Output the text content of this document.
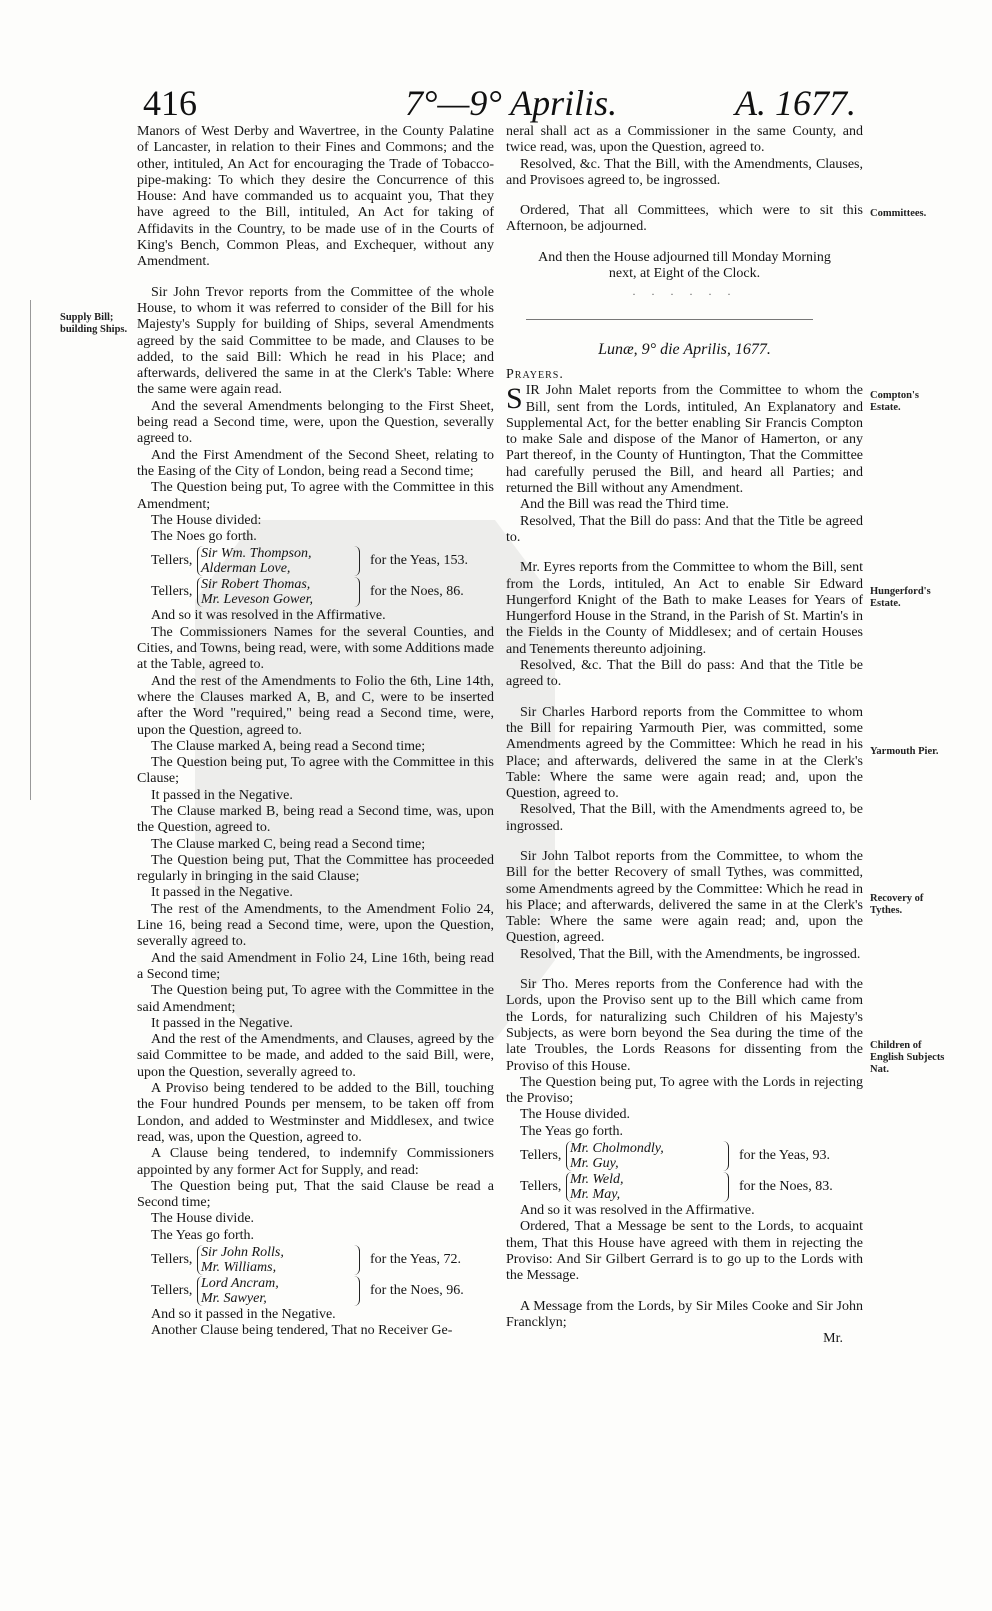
416	7°—9° Aprilis.	A. 1677.
Supply Bill; building Ships.
Committees.
Compton's Estate.
Hungerford's Estate.
Yarmouth Pier.
Recovery of Tythes.
Children of English Subjects Nat.

Manors of West Derby and Wavertree, in the County Palatine of Lancaster, in relation to their Fines and Commons; and the other, intituled, An Act for encouraging the Trade of Tobacco-pipe-making: To which they desire the Concurrence of this House: And have commanded us to acquaint you, That they have agreed to the Bill, intituled, An Act for taking of Affidavits in the Country, to be made use of in the Courts of King's Bench, Common Pleas, and Exchequer, without any Amendment.

Sir John Trevor reports from the Committee of the whole House, to whom it was referred to consider of the Bill for his Majesty's Supply for building of Ships, several Amendments agreed by the said Committee to be made, and Clauses to be added, to the said Bill: Which he read in his Place; and afterwards, delivered the same in at the Clerk's Table: Where the same were again read.

And the several Amendments belonging to the First Sheet, being read a Second time, were, upon the Question, severally agreed to.

And the First Amendment of the Second Sheet, relating to the Easing of the City of London, being read a Second time;

The Question being put, To agree with the Committee in this Amendment;

The House divided:

The Noes go forth.

Tellers, Sir Wm. Thompson,
Alderman Love,
for the Yeas, 153.
Tellers, Sir Robert Thomas,
Mr. Leveson Gower,
for the Noes, 86.

And so it was resolved in the Affirmative.

The Commissioners Names for the several Counties, and Cities, and Towns, being read, were, with some Additions made at the Table, agreed to.

And the rest of the Amendments to Folio the 6th, Line 14th, where the Clauses marked A, B, and C, were to be inserted after the Word "required," being read a Second time, were, upon the Question, agreed to.

The Clause marked A, being read a Second time;

The Question being put, To agree with the Committee in this Clause;

It passed in the Negative.

The Clause marked B, being read a Second time, was, upon the Question, agreed to.

The Clause marked C, being read a Second time;

The Question being put, That the Committee has proceeded regularly in bringing in the said Clause;

It passed in the Negative.

The rest of the Amendments, to the Amendment Folio 24, Line 16, being read a Second time, were, upon the Question, severally agreed to.

And the said Amendment in Folio 24, Line 16th, being read a Second time;

The Question being put, To agree with the Committee in the said Amendment;

It passed in the Negative.

And the rest of the Amendments, and Clauses, agreed by the said Committee to be made, and added to the said Bill, were, upon the Question, severally agreed to.

A Proviso being tendered to be added to the Bill, touching the Four hundred Pounds per mensem, to be taken off from London, and added to Westminster and Middlesex, and twice read, was, upon the Question, agreed to.

A Clause being tendered, to indemnify Commissioners appointed by any former Act for Supply, and read:

The Question being put, That the said Clause be read a Second time;

The House divide.

The Yeas go forth.

Tellers, Sir John Rolls,
Mr. Williams,
for the Yeas, 72.
Tellers, Lord Ancram,
Mr. Sawyer,
for the Noes, 96.

And so it passed in the Negative.

Another Clause being tendered, That no Receiver Ge-

neral shall act as a Commissioner in the same County, and twice read, was, upon the Question, agreed to.

Resolved, &c. That the Bill, with the Amendments, Clauses, and Provisoes agreed to, be ingrossed.

Ordered, That all Committees, which were to sit this Afternoon, be adjourned.

And then the House adjourned till Monday Morning next, at Eight of the Clock.

· · · · · ·

Lunæ, 9° die Aprilis, 1677.

Prayers.

SIR John Malet reports from the Committee to whom the Bill, sent from the Lords, intituled, An Explanatory and Supplemental Act, for the better enabling Sir Francis Compton to make Sale and dispose of the Manor of Hamerton, or any Part thereof, in the County of Huntington, That the Committee had carefully perused the Bill, and heard all Parties; and returned the Bill without any Amendment.

And the Bill was read the Third time.

Resolved, That the Bill do pass: And that the Title be agreed to.

Mr. Eyres reports from the Committee to whom the Bill, sent from the Lords, intituled, An Act to enable Sir Edward Hungerford Knight of the Bath to make Leases for Years of Hungerford House in the Strand, in the Parish of St. Martin's in the Fields in the County of Middlesex; and of certain Houses and Tenements thereunto adjoining.

Resolved, &c. That the Bill do pass: And that the Title be agreed to.

Sir Charles Harbord reports from the Committee to whom the Bill for repairing Yarmouth Pier, was committed, some Amendments agreed by the Committee: Which he read in his Place; and afterwards, delivered the same in at the Clerk's Table: Where the same were again read; and, upon the Question, agreed to.

Resolved, That the Bill, with the Amendments agreed to, be ingrossed.

Sir John Talbot reports from the Committee, to whom the Bill for the better Recovery of small Tythes, was committed, some Amendments agreed by the Committee: Which he read in his Place; and afterwards, delivered the same in at the Clerk's Table: Where the same were again read; and, upon the Question, agreed.

Resolved, That the Bill, with the Amendments, be ingrossed.

Sir Tho. Meres reports from the Conference had with the Lords, upon the Proviso sent up to the Bill which came from the Lords, for naturalizing such Children of his Majesty's Subjects, as were born beyond the Sea during the time of the late Troubles, the Lords Reasons for dissenting from the Proviso of this House.

The Question being put, To agree with the Lords in rejecting the Proviso;

The House divided.

The Yeas go forth.

Tellers, Mr. Cholmondly,
Mr. Guy,
for the Yeas, 93.
Tellers, Mr. Weld,
Mr. May,
for the Noes, 83.

And so it was resolved in the Affirmative.

Ordered, That a Message be sent to the Lords, to acquaint them, That this House have agreed with them in rejecting the Proviso: And Sir Gilbert Gerrard is to go up to the Lords with the Message.

A Message from the Lords, by Sir Miles Cooke and Sir John Francklyn;

Mr.
